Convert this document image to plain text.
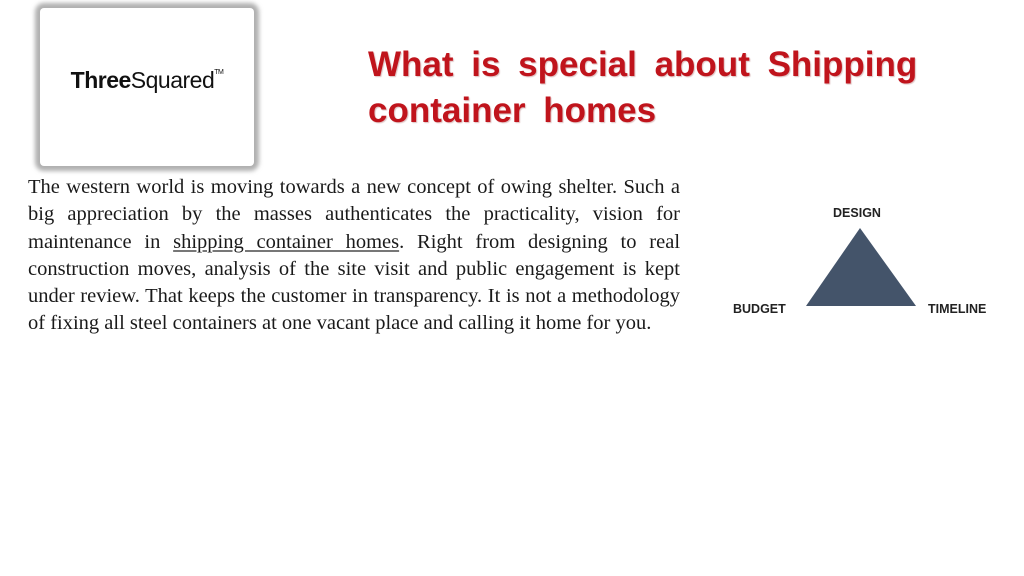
ThreeSquared™	What is special about Shipping container homes

The western world is moving towards a new concept of owing shelter. Such a big appreciation by the masses authenticates the practicality, vision for maintenance in shipping container homes. Right from designing to real construction moves, analysis of the site visit and public engagement is kept under review. That keeps the customer in transparency. It is not a methodology of fixing all steel containers at one vacant place and calling it home for you.

DESIGN
BUDGET	TIMELINE
